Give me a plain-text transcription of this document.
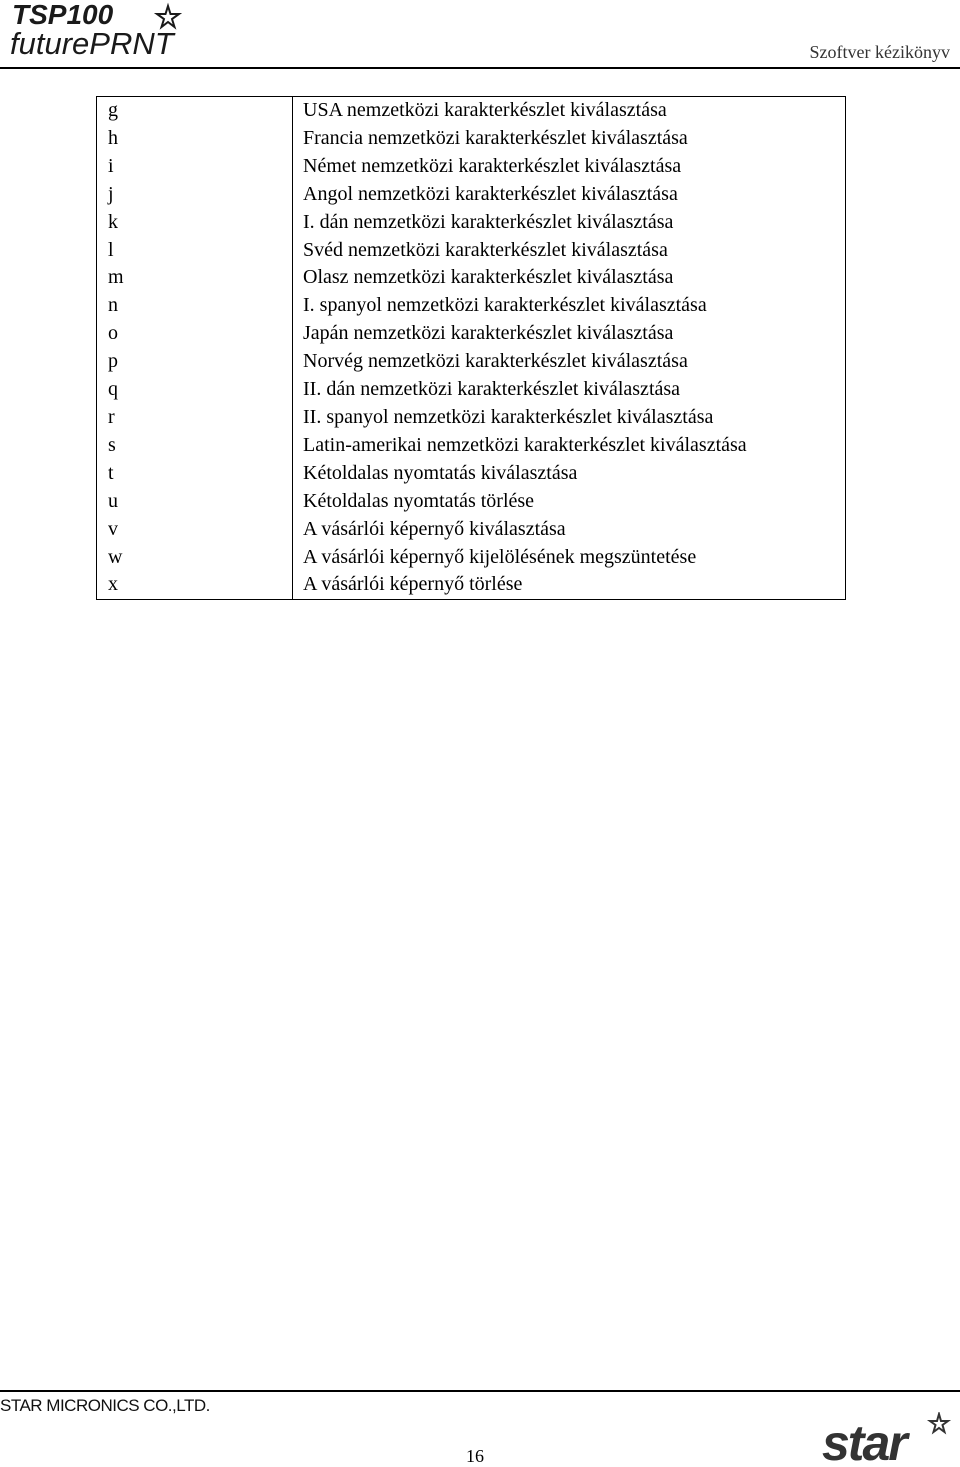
TSP100
futurePRNT	Szoftver kézikönyv
g	USA nemzetközi karakterkészlet kiválasztása
h	Francia nemzetközi karakterkészlet kiválasztása
i	Német nemzetközi karakterkészlet kiválasztása
j	Angol nemzetközi karakterkészlet kiválasztása
k	I. dán nemzetközi karakterkészlet kiválasztása
l	Svéd nemzetközi karakterkészlet kiválasztása
m	Olasz nemzetközi karakterkészlet kiválasztása
n	I. spanyol nemzetközi karakterkészlet kiválasztása
o	Japán nemzetközi karakterkészlet kiválasztása
p	Norvég nemzetközi karakterkészlet kiválasztása
q	II. dán nemzetközi karakterkészlet kiválasztása
r	II. spanyol nemzetközi karakterkészlet kiválasztása
s	Latin-amerikai nemzetközi karakterkészlet kiválasztása
t	Kétoldalas nyomtatás kiválasztása
u	Kétoldalas nyomtatás törlése
v	A vásárlói képernyő kiválasztása
w	A vásárlói képernyő kijelölésének megszüntetése
x	A vásárlói képernyő törlése
STAR MICRONICS CO.,LTD.
16	star
